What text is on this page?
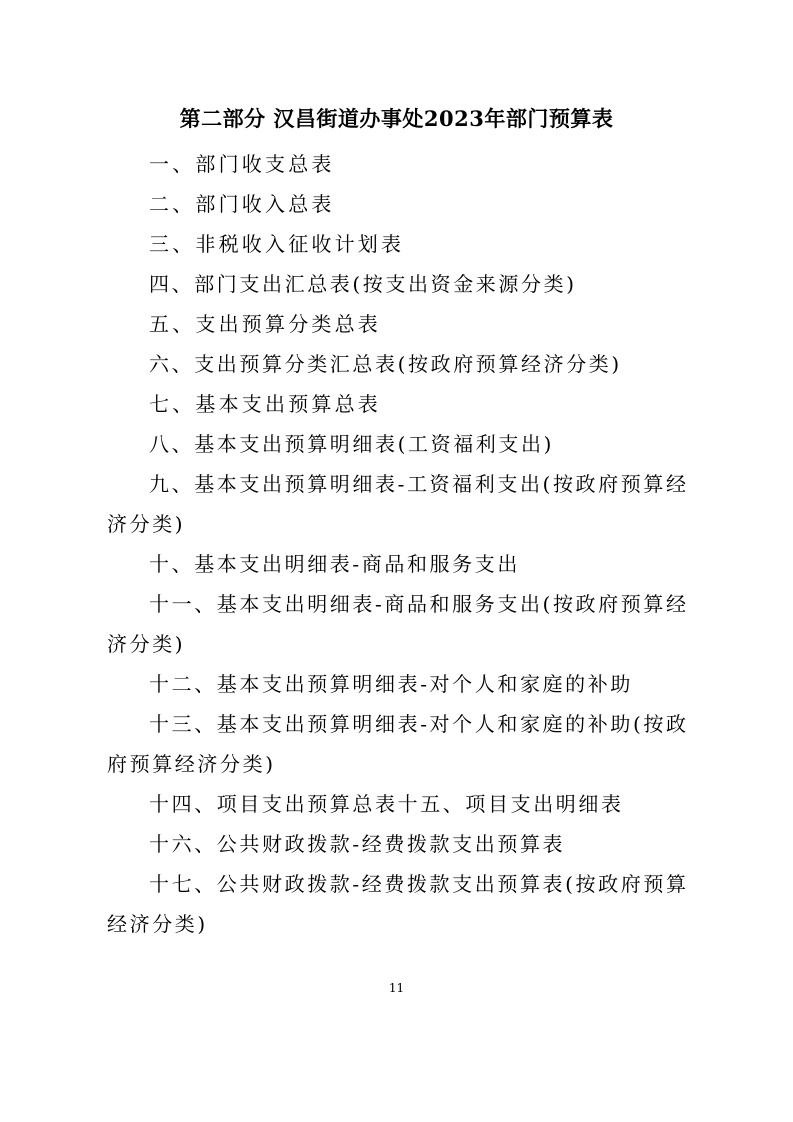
第二部分 汉昌街道办事处2023年部门预算表
一、部门收支总表
二、部门收入总表
三、非税收入征收计划表
四、部门支出汇总表(按支出资金来源分类)
五、支出预算分类总表
六、支出预算分类汇总表(按政府预算经济分类)
七、基本支出预算总表
八、基本支出预算明细表(工资福利支出)
九、基本支出预算明细表-工资福利支出(按政府预算经济分类)
十、基本支出明细表-商品和服务支出
十一、基本支出明细表-商品和服务支出(按政府预算经济分类)
十二、基本支出预算明细表-对个人和家庭的补助
十三、基本支出预算明细表-对个人和家庭的补助(按政府预算经济分类)
十四、项目支出预算总表十五、项目支出明细表
十六、公共财政拨款-经费拨款支出预算表
十七、公共财政拨款-经费拨款支出预算表(按政府预算经济分类)
11
